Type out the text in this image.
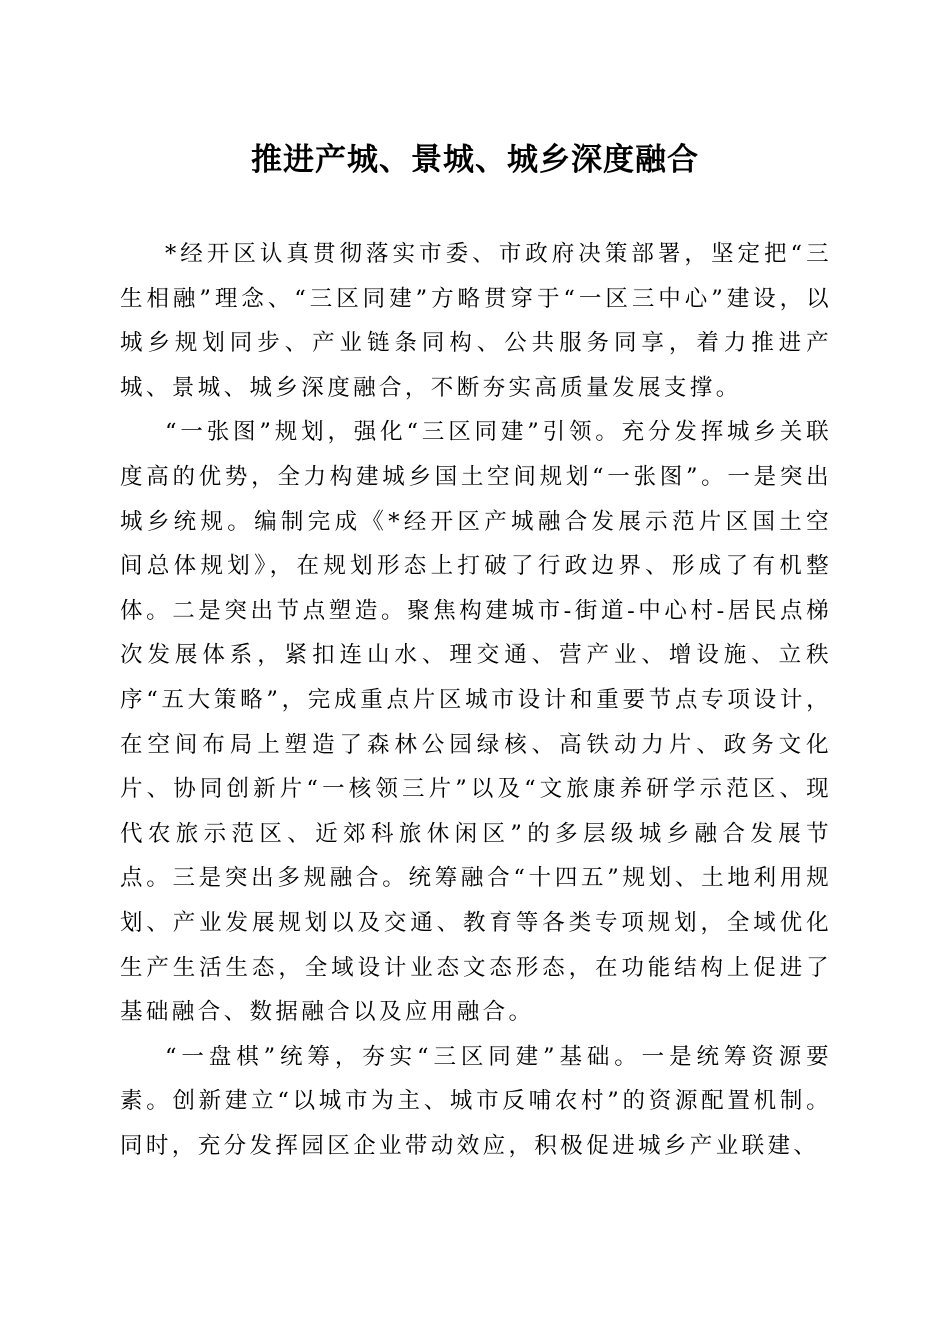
推进产城、景城、城乡深度融合

*经开区认真贯彻落实市委、市政府决策部署，坚定把“三生相融”理念、“三区同建”方略贯穿于“一区三中心”建设，以城乡规划同步、产业链条同构、公共服务同享，着力推进产城、景城、城乡深度融合，不断夯实高质量发展支撑。

“一张图”规划，强化“三区同建”引领。充分发挥城乡关联度高的优势，全力构建城乡国土空间规划“一张图”。一是突出城乡统规。编制完成《*经开区产城融合发展示范片区国土空间总体规划》，在规划形态上打破了行政边界、形成了有机整体。二是突出节点塑造。聚焦构建城市-街道-中心村-居民点梯次发展体系，紧扣连山水、理交通、营产业、增设施、立秩序“五大策略”，完成重点片区城市设计和重要节点专项设计，在空间布局上塑造了森林公园绿核、高铁动力片、政务文化片、协同创新片“一核领三片”以及“文旅康养研学示范区、现代农旅示范区、近郊科旅休闲区”的多层级城乡融合发展节点。三是突出多规融合。统筹融合“十四五”规划、土地利用规划、产业发展规划以及交通、教育等各类专项规划，全域优化生产生活生态，全域设计业态文态形态，在功能结构上促进了基础融合、数据融合以及应用融合。

“一盘棋”统筹，夯实“三区同建”基础。一是统筹资源要素。创新建立“以城市为主、城市反哺农村”的资源配置机制。同时，充分发挥园区企业带动效应，积极促进城乡产业联建、
